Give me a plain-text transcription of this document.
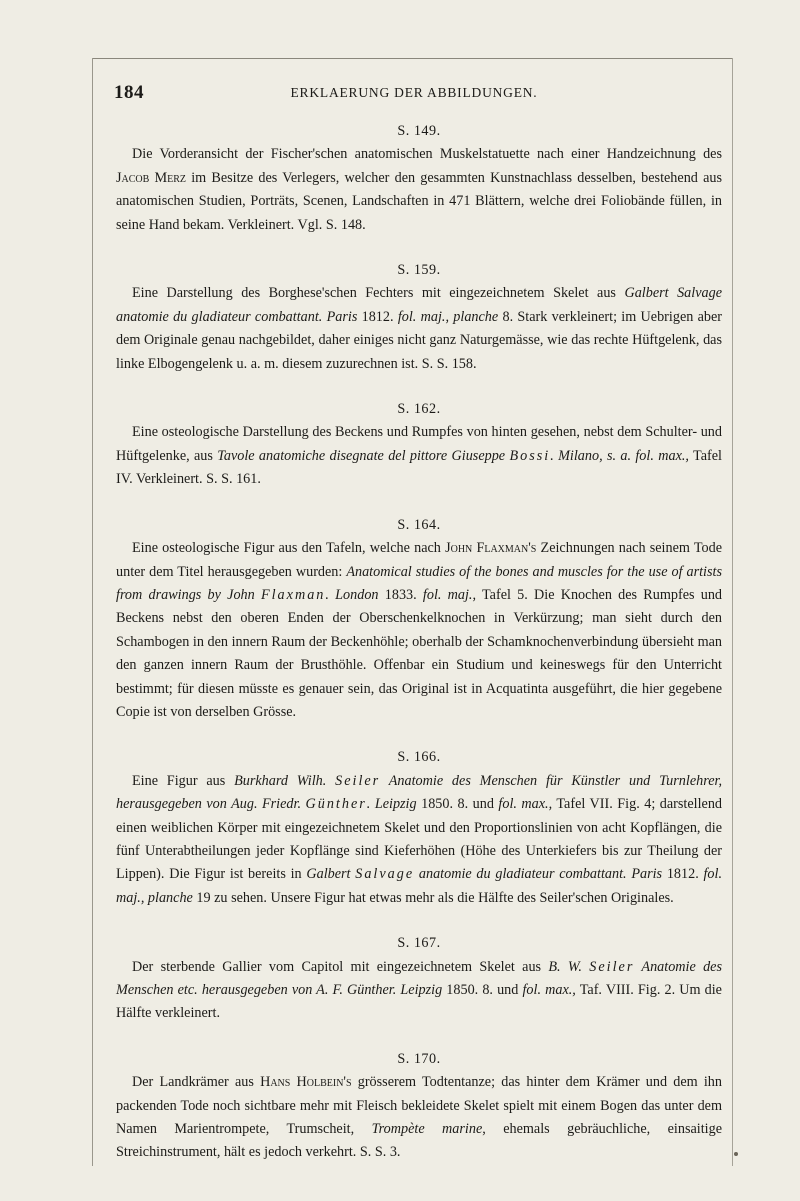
184	ERKLAERUNG DER ABBILDUNGEN.

S. 149.

Die Vorderansicht der Fischer'schen anatomischen Muskelstatuette nach einer Handzeichnung des Jacob Merz im Besitze des Verlegers, welcher den gesammten Kunstnachlass desselben, bestehend aus anatomischen Studien, Porträts, Scenen, Landschaften in 471 Blättern, welche drei Foliobände füllen, in seine Hand bekam. Verkleinert. Vgl. S. 148.

S. 159.

Eine Darstellung des Borghese'schen Fechters mit eingezeichnetem Skelet aus Galbert Salvage anatomie du gladiateur combattant. Paris 1812. fol. maj., planche 8. Stark verkleinert; im Uebrigen aber dem Originale genau nachgebildet, daher einiges nicht ganz Naturgemässe, wie das rechte Hüftgelenk, das linke Elbogengelenk u. a. m. diesem zuzurechnen ist. S. S. 158.

S. 162.

Eine osteologische Darstellung des Beckens und Rumpfes von hinten gesehen, nebst dem Schulter- und Hüftgelenke, aus Tavole anatomiche disegnate del pittore Giuseppe Bossi. Milano, s. a. fol. max., Tafel IV. Verkleinert. S. S. 161.

S. 164.

Eine osteologische Figur aus den Tafeln, welche nach John Flaxman's Zeichnungen nach seinem Tode unter dem Titel herausgegeben wurden: Anatomical studies of the bones and muscles for the use of artists from drawings by John Flaxman. London 1833. fol. maj., Tafel 5. Die Knochen des Rumpfes und Beckens nebst den oberen Enden der Oberschenkelknochen in Verkürzung; man sieht durch den Schambogen in den innern Raum der Beckenhöhle; oberhalb der Schamknochenverbindung übersieht man den ganzen innern Raum der Brusthöhle. Offenbar ein Studium und keineswegs für den Unterricht bestimmt; für diesen müsste es genauer sein, das Original ist in Acquatinta ausgeführt, die hier gegebene Copie ist von derselben Grösse.

S. 166.

Eine Figur aus Burkhard Wilh. Seiler Anatomie des Menschen für Künstler und Turnlehrer, herausgegeben von Aug. Friedr. Günther. Leipzig 1850. 8. und fol. max., Tafel VII. Fig. 4; darstellend einen weiblichen Körper mit eingezeichnetem Skelet und den Proportionslinien von acht Kopflängen, die fünf Unterabtheilungen jeder Kopflänge sind Kieferhöhen (Höhe des Unterkiefers bis zur Theilung der Lippen). Die Figur ist bereits in Galbert Salvage anatomie du gladiateur combattant. Paris 1812. fol. maj., planche 19 zu sehen. Unsere Figur hat etwas mehr als die Hälfte des Seiler'schen Originales.

S. 167.

Der sterbende Gallier vom Capitol mit eingezeichnetem Skelet aus B. W. Seiler Anatomie des Menschen etc. herausgegeben von A. F. Günther. Leipzig 1850. 8. und fol. max., Taf. VIII. Fig. 2. Um die Hälfte verkleinert.

S. 170.

Der Landkrämer aus Hans Holbein's grösserem Todtentanze; das hinter dem Krämer und dem ihn packenden Tode noch sichtbare mehr mit Fleisch bekleidete Skelet spielt mit einem Bogen das unter dem Namen Marientrompete, Trumscheit, Trompète marine, ehemals gebräuchliche, einsaitige Streichinstrument, hält es jedoch verkehrt. S. S. 3.
